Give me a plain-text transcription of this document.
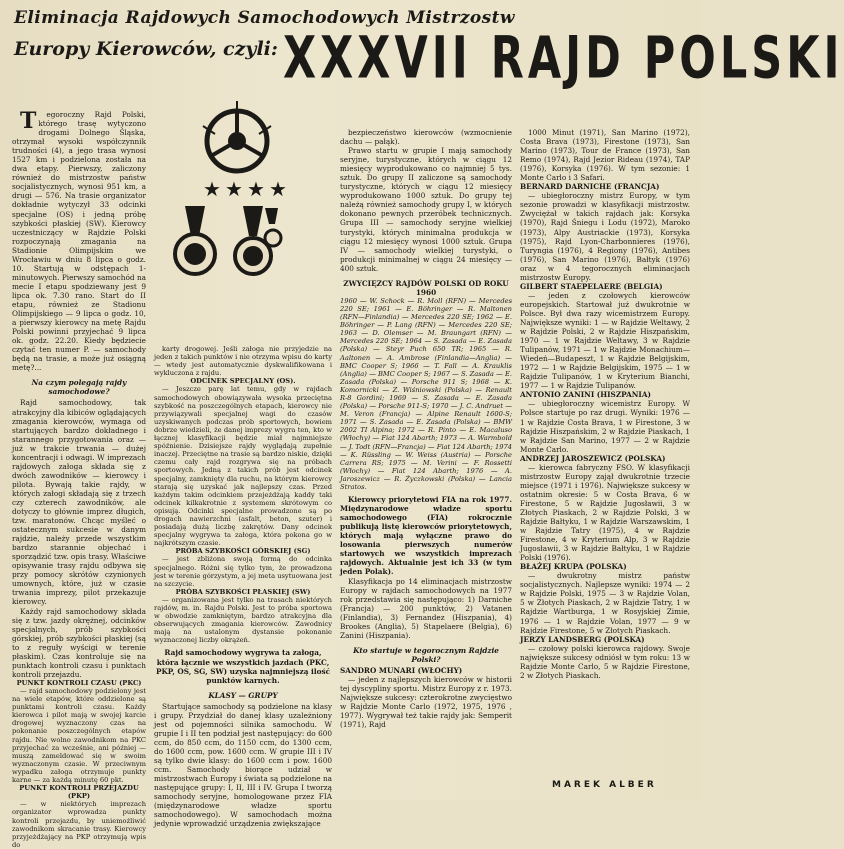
Eliminacja Rajdowych Samochodowych Mistrzostw
Europy Kierowców, czyli: XXXVII RAJD POLSKI
★ ★ ★ ★

T egoroczny Rajd Polski, którego trasę wytyczono drogami Dolnego Śląska, otrzymał wysoki współczynnik trudności (4), a jego trasa wynosi 1527 km i podzielona została na dwa etapy. Pierwszy, zaliczony również do mistrzostw państw socjalistycznych, wynosi 951 km, a drugi — 576. Na trasie organizator dokładnie wytyczył 33 odcinki specjalne (OS) i jedną próbę szybkości płaskiej (SW). Kierowcy uczestniczący w Rajdzie Polski rozpoczynają zmagania na Stadionie Olimpijskim we Wrocławiu w dniu 8 lipca o godz. 10. Startują w odstępach 1-minutowych. Pierwszy samochód na mecie I etapu spodziewany jest 9 lipca ok. 7.30 rano. Start do II etapu, również ze Stadionu Olimpijskiego — 9 lipca o godz. 10, a pierwszy kierowcy na metę Rajdu Polski powinni przyjechać 9 lipca ok. godz. 22.20. Kiedy będziecie czytać ten numer P. — samochody będą na trasie, a może już osiągną metę?...

Na czym polegają rajdy samochodowe?

Rajd samochodowy, tak atrakcyjny dla kibiców oglądających zmagania kierowców, wymaga od startujących bardzo dokładnego i starannego przygotowania oraz — już w trakcie trwania — dużej koncentracji i odwagi. W imprezach rajdowych załoga składa się z dwóch zawodników — kierowcy i pilota. Bywają takie rajdy, w których załogi składają się z trzech czy czterech zawodników, ale dotyczy to głównie imprez długich, tzw. maratonów. Chcąc myśleć o ostatecznym sukcesie w danym rajdzie, należy przede wszystkim bardzo starannie objechać i sporządzić tzw. opis trasy. Właściwe opisywanie trasy rajdu odbywa się przy pomocy skrótów czynionych umownych, które, już w czasie trwania imprezy, pilot przekazuje kierowcy.

Każdy rajd samochodowy składa się z tzw. jazdy okrężnej, odcinków specjalnych, prób szybkości górskiej, prób szybkości płaskiej (są to z reguły wyścigi w terenie płaskim). Czas kontroluje się na punktach kontroli czasu i punktach kontroli przejazdu.

PUNKT KONTROLI CZASU (PKC)

— rajd samochodowy podzielony jest na wiele etapów, które oddzielone są punktami kontroli czasu. Każdy kierowca i pilot mają w swojej karcie drogowej wyznaczony czas na pokonanie poszczególnych etapów rajdu. Nie wolno zawodnikom na PKC przyjechać za wcześnie, ani później — muszą zameldować się w swoim wyznaczonym czasie. W przeciwnym wypadku załoga otrzymuje punkty karne — za każdą minutę 60 pkt.

PUNKT KONTROLI PRZEJAZDU (PKP)

— w niektórych imprezach organizator wprowadza punkty kontroli przejazdu, by uniemożliwić zawodnikom skracanie trasy. Kierowcy przyjeżdżający na PKP otrzymują wpis do

karty drogowej. Jeśli załoga nie przyjedzie na jeden z takich punktów i nie otrzyma wpisu do karty — wtedy jest automatycznie dyskwalifikowana i wykluczona z rajdu.

ODCINEK SPECJALNY (OS).

— Jeszcze parę lat temu, gdy w rajdach samochodowych obowiązywała wysoka przeciętna szybkość na poszczególnych etapach, kierowcy nie przywiązywali specjalnej wagi do czasów uzyskiwanych podczas prób sportowych, bowiem dobrze wiedzieli, że danej imprezy wygra ten, kto w łącznej klasyfikacji będzie miał najmniejsze spóźnienie. Dzisiejsze rajdy wyglądają zupełnie inaczej. Przeciętne na trasie są bardzo niskie, dzięki czemu cały rajd rozgrywa się na próbach sportowych. Jedną z takich prób jest odcinek specjalny, zamknięty dla ruchu, na którym kierowcy starają się uzyskać jak najlepszy czas. Przed każdym takim odcinkiem przejeżdżają kaddy taki odcinek kilkakrotnie z systemem skrótowym co opisują. Odcinki specjalne prowadzone są po drogach nawierzchni (asfalt, beton, szuter) i posiadają dużą liczbę zakrętów. Dany odcinek specjalny wygrywa ta załoga, która pokona go w najkrótszym czasie.

PRÓBA SZYBKOŚCI GÓRSKIEJ (SG)

— jest zbliżona swoją formą do odcinka specjalnego. Różni się tylko tym, że prowadzona jest w terenie górzystym, a jej meta usytuowana jest na szczycie.

PRÓBA SZYBKOŚCI PŁASKIEJ (SW)

— organizowana jest tylko na trasach niektórych rajdów, m. in. Rajdu Polski. Jest to próba sportowa w obwodzie zamkniętym, bardzo atrakcyjna dla obserwujących zmagania kierowców. Zawodnicy mają na ustalonym dystansie pokonanie wyznaczonej liczby okrążeń.

Rajd samochodowy wygrywa ta załoga, która łącznie we wszystkich jazdach (PKC, PKP, OS, SG, SW) uzyska najmniejszą ilość punktów karnych.

KLASY — GRUPY

Startujące samochody są podzielone na klasy i grupy. Przydział do danej klasy uzależniony jest od pojemności silnika samochodu. W grupie I i II ten podział jest następujący: do 600 ccm, do 850 ccm, do 1150 ccm, do 1300 ccm, do 1600 ccm, pow. 1600 ccm. W grupie III i IV są tylko dwie klasy: do 1600 ccm i pow. 1600 ccm. Samochody biorące udział w mistrzostwach Europy i świata są podzielone na następujące grupy: I, II, III i IV. Grupa I tworzą samochody seryjne, homologowane przez FIA (międzynarodowe władze sportu samochodowego). W samochodach można jedynie wprowadzić urządzenia zwiększające

bezpieczeństwo kierowców (wzmocnienie dachu — pałąk).

Prawo startu w grupie I mają samochody seryjne, turystyczne, których w ciągu 12 miesięcy wyprodukowano co najmniej 5 tys. sztuk. Do grupy II zaliczone są samochody turystyczne, których w ciągu 12 miesięcy wyprodukowano 1000 sztuk. Do grupy tej należą również samochody grupy I, w których dokonano pewnych przeróbek technicznych. Grupa III — samochody seryjne wielkiej turystyki, których minimalna produkcja w ciągu 12 miesięcy wynosi 1000 sztuk. Grupa IV — samochody wielkiej turystyki, o produkcji minimalnej w ciągu 24 miesięcy — 400 sztuk.

ZWYCIĘZCY RAJDÓW POLSKI OD ROKU 1960

1960 — W. Schock — R. Moll (RFN) — Mercedes 220 SE; 1961 — E. Böhringer — R. Maltonen (RFN—Finlandia) — Mercedes 220 SE; 1962 — E. Böhringer — P. Lang (RFN) — Mercedes 220 SE; 1963 — D. Olemser — M. Braungart (RFN) — Mercedes 220 SE; 1964 — S. Zasada — E. Zasada (Polska) — Steyr Puch 650 TR; 1965 — R. Aaltonen — A. Ambrose (Finlandia—Anglia) — BMC Cooper S; 1966 — T. Fall — A. Krauklis (Anglia) — BMC Cooper S; 1967 — S. Zasada — E. Zasada (Polska) — Porsche 911 S; 1968 — K. Komornicki — Z. Wiśniowski (Polska) — Renault R-8 Gordini; 1969 — S. Zasada — E. Zasada (Polska) — Porsche 911-S; 1970 — J. C. Andruet — M. Veron (Francja) — Alpine Renault 1600-S; 1971 — S. Zasada — E. Zasada (Polska) — BMW 2002 TI Alpina; 1972 — R. Pinto — E. Macaluso (Włochy) — Fiat 124 Abarth; 1973 — A. Warmbold — J. Todt (RFN—Francja) — Fiat 124 Abarth; 1974 — K. Rüssling — W. Weiss (Austria) — Porsche Carrera RS; 1975 — M. Verini — F. Rossetti (Włochy) — Fiat 124 Abarth; 1976 — A. Jaroszewicz — R. Życzkowski (Polska) — Lancia Stratos.

Kierowcy priorytetowi FIA na rok 1977. Międzynarodowe władze sportu samochodowego (FIA) rokrocznie publikują listę kierowców priorytetowych, których mają wyłączne prawo do losowania pierwszych numerów startowych we wszystkich imprezach rajdowych. Aktualnie jest ich 33 (w tym jeden Polak).

Klasyfikacja po 14 eliminacjach mistrzostw Europy w rajdach samochodowych na 1977 rok przedstawia się następująco: 1) Darniche (Francja) — 200 punktów, 2) Vatanen (Finlandia), 3) Fernandez (Hiszpania), 4) Brookes (Anglia), 5) Stapelaere (Belgia), 6) Zanini (Hiszpania).

Kto startuje w tegorocznym Rajdzie Polski?

SANDRO MUNARI (WŁOCHY)

— jeden z najlepszych kierowców w historii tej dyscypliny sportu. Mistrz Europy z r. 1973. Największe sukcesy: czterokrotne zwycięstwo w Rajdzie Monte Carlo (1972, 1975, 1976 , 1977). Wygrywał też takie rajdy jak: Semperit (1971), Rajd

1000 Minut (1971), San Marino (1972), Costa Brava (1973), Firestone (1973), San Marino (1973), Tour de France (1973), San Remo (1974), Rajd Jezior Rideau (1974), TAP (1976), Korsyka (1976). W tym sezonie: 1 Monte Carlo i 3 Safari.

BERNARD DARNICHE (FRANCJA)

— ubiegłoroczny mistrz Europy, w tym sezonie prowadzi w klasyfikacji mistrzostw. Zwyciężał w takich rajdach jak: Korsyka (1970), Rajd Śniegu i Lodu (1972), Maroko (1973), Alpy Austriackie (1973), Korsyka (1975), Rajd Lyon-Charbonnieres (1976), Turyngia (1976), 4 Regiony (1976), Antibes (1976), San Marino (1976), Bałtyk (1976) oraz w 4 tegorocznych eliminacjach mistrzostw Europy.

GILBERT STAEPELAERE (BELGIA)

— jeden z czołowych kierowców europejskich. Startował już dwukrotnie w Polsce. Był dwa razy wicemistrzem Europy. Największe wyniki: 1 — w Rajdzie Weltawy, 2 w Rajdzie Polski, 2 w Rajdzie Hiszpańskim, 1970 — 1 w Rajdzie Weltawy, 3 w Rajdzie Tulipanów, 1971 — 1 w Rajdzie Monachium—Wiedeń—Budapeszt, 1 w Rajdzie Belgijskim, 1972 — 1 w Rajdzie Belgijskim, 1975 — 1 w Rajdzie Tulipanów, 1 w Kryterium Bianchi, 1977 — 1 w Rajdzie Tulipanów.

ANTONIO ZANINI (HISZPANIA)

— ubiegłoroczny wicemistrz Europy. W Polsce startuje po raz drugi. Wyniki: 1976 — 1 w Rajdzie Costa Brava, 1 w Firestone, 3 w Rajdzie Hiszpańskim, 2 w Rajdzie Piaskach, 1 w Rajdzie San Marino, 1977 — 2 w Rajdzie Monte Carlo.

ANDRZEJ JAROSZEWICZ (POLSKA)

— kierowca fabryczny FSO. W klasyfikacji mistrzostw Europy zajął dwukrotnie trzecie miejsce (1971 i 1976). Największe sukcesy w ostatnim okresie: 5 w Costa Brava, 6 w Firestone, 5 w Rajdzie Jugosławii, 3 w Złotych Piaskach, 2 w Rajdzie Polski, 3 w Rajdzie Bałtyku, 1 w Rajdzie Warszawskim, 1 w Rajdzie Tatry (1975), 4 w Rajdzie Firestone, 4 w Kryterium Alp, 3 w Rajdzie Jugosławii, 3 w Rajdzie Bałtyku, 1 w Rajdzie Polski (1976).

BŁAŻEJ KRUPA (POLSKA)

— dwukrotny mistrz państw socjalistycznych. Najlepsze wyniki: 1974 — 2 w Rajdzie Polski, 1975 — 3 w Rajdzie Volan, 5 w Złotych Piaskach, 2 w Rajdzie Tatry, 1 w Rajdzie Wartburga, 1 w Rosyjskiej Zimie, 1976 — 1 w Rajdzie Volan, 1977 — 9 w Rajdzie Firestone, 5 w Złotych Piaskach.

JERZY LANDSBERG (POLSKA)

— czołowy polski kierowca rajdowy. Swoje największe sukcesy odniósł w tym roku: 13 w Rajdzie Monte Carlo, 5 w Rajdzie Firestone, 2 w Złotych Piaskach.

MAREK ALBER
